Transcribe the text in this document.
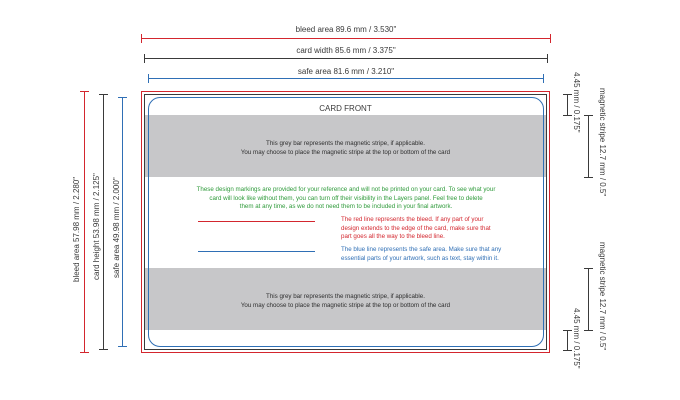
bleed area 89.6 mm / 3.530"
card width 85.6 mm / 3.375"
safe area 81.6 mm / 3.210"
bleed area 57.98 mm / 2.280" card height 53.98 mm / 2.125" safe area 49.98 mm / 2.000"
This grey bar represents the magnetic stripe, if applicable.
You may choose to place the magnetic stripe at the top or bottom of the card
This grey bar represents the magnetic stripe, if applicable.
You may choose to place the magnetic stripe at the top or bottom of the card
CARD FRONT
These design markings are provided for your reference and will not be printed on your card. To see what your
card will look like without them, you can turn off their visibility in the Layers panel. Feel free to delete
them at any time, as we do not need them to be included in your final artwork.
The red line represents the bleed. If any part of your
design extends to the edge of the card, make sure that
part goes all the way to the bleed line.
The blue line represents the safe area. Make sure that any
essential parts of your artwork, such as text, stay within it.
4.45 mm / 0.175" magnetic stripe 12.7 mm / 0.5"
magnetic stripe 12.7 mm / 0.5"
4.45 mm / 0.175"
